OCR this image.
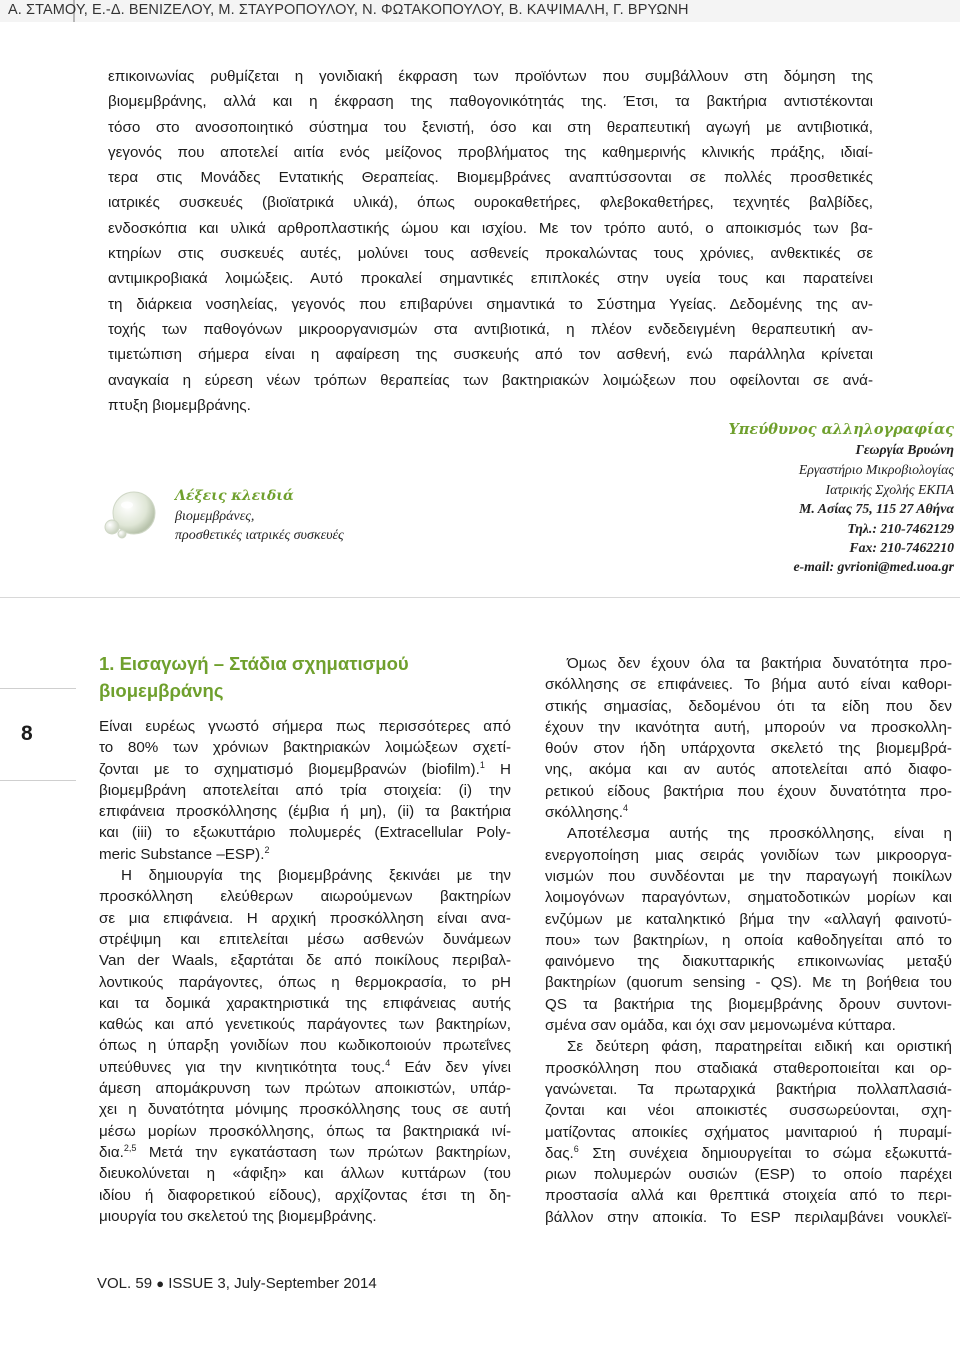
Α. ΣΤΑΜΟΥ, Ε.-Δ. ΒΕΝΙΖΕΛΟΥ, Μ. ΣΤΑΥΡΟΠΟΥΛΟΥ, Ν. ΦΩΤΑΚΟΠΟΥΛΟΥ, Β. ΚΑΨΙΜΑΛΗ, Γ. ΒΡΥΩΝΗ

επικοινωνίας ρυθμίζεται η γονιδιακή έκφραση των προϊόντων που συμβάλλουν στη δόμηση της

βιομεμβράνης, αλλά και η έκφραση της παθογονικότητάς της. Έτσι, τα βακτήρια αντιστέκονται

τόσο στο ανοσοποιητικό σύστημα του ξενιστή, όσο και στη θεραπευτική αγωγή με αντιβιοτικά,

γεγονός που αποτελεί αιτία ενός μείζονος προβλήματος της καθημερινής κλινικής πράξης, ιδιαί-

τερα στις Μονάδες Εντατικής Θεραπείας. Βιομεμβράνες αναπτύσσονται σε πολλές προσθετικές

ιατρικές συσκευές (βιοϊατρικά υλικά), όπως ουροκαθετήρες, φλεβοκαθετήρες, τεχνητές βαλβίδες,

ενδοσκόπια και υλικά αρθροπλαστικής ώμου και ισχίου. Με τον τρόπο αυτό, ο αποικισμός των βα-

κτηρίων στις συσκευές αυτές, μολύνει τους ασθενείς προκαλώντας τους χρόνιες, ανθεκτικές σε

αντιμικροβιακά λοιμώξεις. Αυτό προκαλεί σημαντικές επιπλοκές στην υγεία τους και παρατείνει

τη διάρκεια νοσηλείας, γεγονός που επιβαρύνει σημαντικά το Σύστημα Υγείας. Δεδομένης της αν-

τοχής των παθογόνων μικροοργανισμών στα αντιβιοτικά, η πλέον ενδεδειγμένη θεραπευτική αν-

τιμετώπιση σήμερα είναι η αφαίρεση της συσκευής από τον ασθενή, ενώ παράλληλα κρίνεται

αναγκαία η εύρεση νέων τρόπων θεραπείας των βακτηριακών λοιμώξεων που οφείλονται σε ανά-

πτυξη βιομεμβράνης.

Λέξεις κλειδιά
βιομεμβράνες,
προσθετικές ιατρικές συσκευές
Υπεύθυνος αλληλογραφίας
Γεωργία Βρυώνη
Εργαστήριο Μικροβιολογίας
Ιατρικής Σχολής ΕΚΠΑ
Μ. Ασίας 75, 115 27 Αθήνα
Τηλ.: 210-7462129
Fax: 210-7462210
e-mail: gvrioni@med.uoa.gr
8
1. Εισαγωγή – Στάδια σχηματισμού βιομεμβράνης

Είναι ευρέως γνωστό σήμερα πως περισσότερες από

το 80% των χρόνιων βακτηριακών λοιμώξεων σχετί-

ζονται με το σχηματισμό βιομεμβρανών (biofilm).$^1$ Η

βιομεμβράνη αποτελείται από τρία στοιχεία: (i) την

επιφάνεια προσκόλλησης (έμβια ή μη), (ii) τα βακτήρια

και (iii) το εξωκυττάριο πολυμερές (Extracellular Poly-

meric Substance –ESP).$^2$

Η δημιουργία της βιομεμβράνης ξεκινάει με την

προσκόλληση ελεύθερων αιωρούμενων βακτηρίων

σε μια επιφάνεια. Η αρχική προσκόλληση είναι ανα-

στρέψιμη και επιτελείται μέσω ασθενών δυνάμεων

Van der Waals, εξαρτάται δε από ποικίλους περιβαλ-

λοντικούς παράγοντες, όπως η θερμοκρασία, το pH

και τα δομικά χαρακτηριστικά της επιφάνειας αυτής

καθώς και από γενετικούς παράγοντες των βακτηρίων,

όπως η ύπαρξη γονιδίων που κωδικοποιούν πρωτεΐνες

υπεύθυνες για την κινητικότητα τους.$^4$ Εάν δεν γίνει

άμεση απομάκρυνση των πρώτων αποικιστών, υπάρ-

χει η δυνατότητα μόνιμης προσκόλλησης τους σε αυτή

μέσω μορίων προσκόλλησης, όπως τα βακτηριακά ινί-

δια.$^{2,5}$ Μετά την εγκατάσταση των πρώτων βακτηρίων,

διευκολύνεται η «άφιξη» και άλλων κυττάρων (του

ιδίου ή διαφορετικού είδους), αρχίζοντας έτσι τη δη-

μιουργία του σκελετού της βιομεμβράνης.

Όμως δεν έχουν όλα τα βακτήρια δυνατότητα προ-

σκόλλησης σε επιφάνειες. Το βήμα αυτό είναι καθορι-

στικής σημασίας, δεδομένου ότι τα είδη που δεν

έχουν την ικανότητα αυτή, μπορούν να προσκολλη-

θούν στον ήδη υπάρχοντα σκελετό της βιομεμβρά-

νης, ακόμα και αν αυτός αποτελείται από διαφο-

ρετικού είδους βακτήρια που έχουν δυνατότητα προ-

σκόλλησης.$^4$

Αποτέλεσμα αυτής της προσκόλλησης, είναι η

ενεργοποίηση μιας σειράς γονιδίων των μικροοργα-

νισμών που συνδέονται με την παραγωγή ποικίλων

λοιμογόνων παραγόντων, σηματοδοτικών μορίων και

ενζύμων με καταληκτικό βήμα την «αλλαγή φαινοτύ-

που» των βακτηρίων, η οποία καθοδηγείται από το

φαινόμενο της διακυτταρικής επικοινωνίας μεταξύ

βακτηρίων (quorum sensing - QS). Με τη βοήθεια του

QS τα βακτήρια της βιομεμβράνης δρουν συντονι-

σμένα σαν ομάδα, και όχι σαν μεμονωμένα κύτταρα.

Σε δεύτερη φάση, παρατηρείται ειδική και οριστική

προσκόλληση που σταδιακά σταθεροποιείται και ορ-

γανώνεται. Τα πρωταρχικά βακτήρια πολλαπλασιά-

ζονται και νέοι αποικιστές συσσωρεύονται, σχη-

ματίζοντας αποικίες σχήματος μανιταριού ή πυραμί-

δας.$^6$ Στη συνέχεια δημιουργείται το σώμα εξωκυττά-

ριων πολυμερών ουσιών (ESP) το οποίο παρέχει

προστασία αλλά και θρεπτικά στοιχεία από το περι-

βάλλον στην αποικία. Το ESP περιλαμβάνει νουκλεϊ-

VOL. 59 ● ISSUE 3, July-September 2014
